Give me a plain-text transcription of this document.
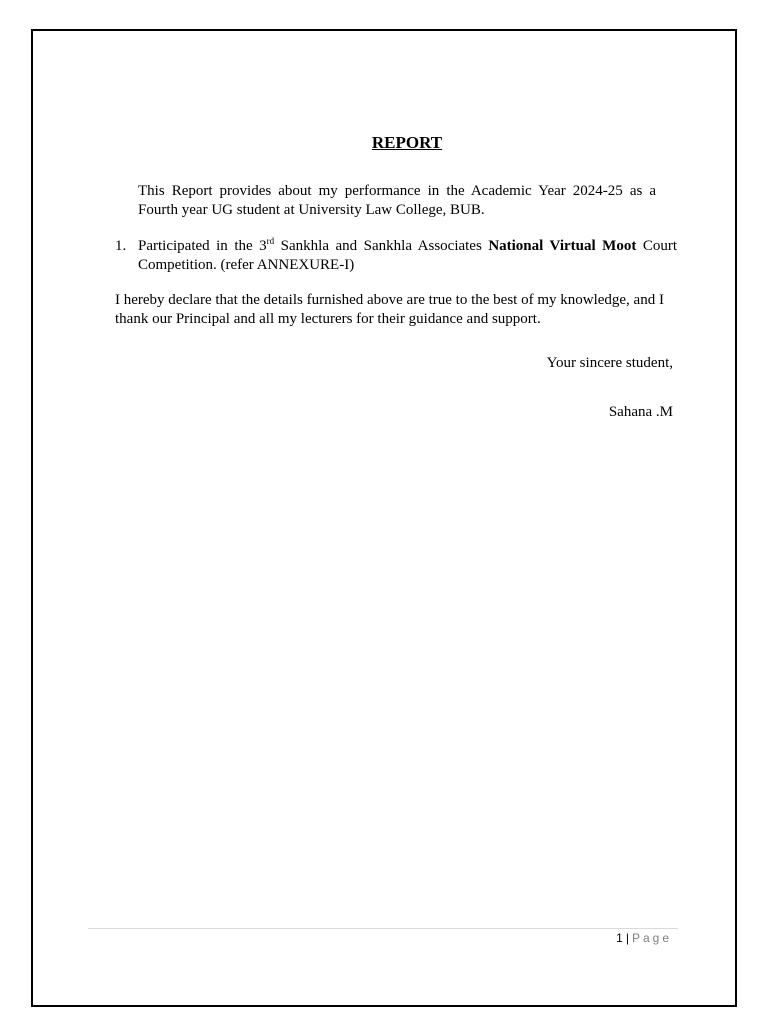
REPORT
This Report provides about my performance in the Academic Year 2024-25 as a Fourth year UG student at University Law College, BUB.
1. Participated in the 3rd Sankhla and Sankhla Associates National Virtual Moot Court Competition. (refer ANNEXURE-I)
I hereby declare that the details furnished above are true to the best of my knowledge, and I thank our Principal and all my lecturers for their guidance and support.
Your sincere student,
Sahana .M
1 | Page
